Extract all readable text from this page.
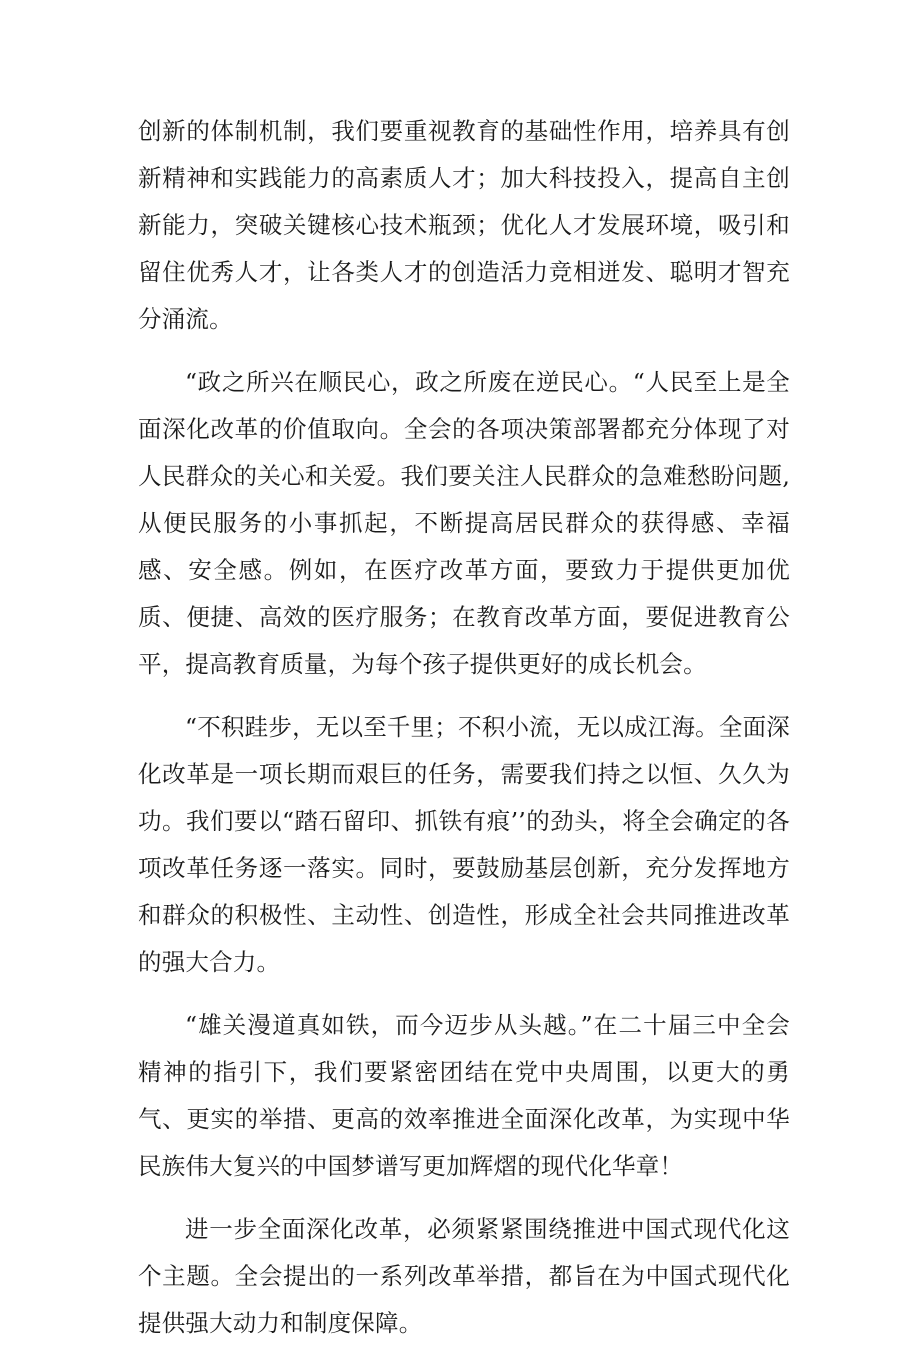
创新的体制机制，我们要重视教育的基础性作用，培养具有创新精神和实践能力的高素质人才；加大科技投入，提高自主创新能力，突破关键核心技术瓶颈；优化人才发展环境，吸引和留住优秀人才，让各类人才的创造活力竞相迸发、聪明才智充分涌流。

“政之所兴在顺民心，政之所废在逆民心。“人民至上是全面深化改革的价值取向。全会的各项决策部署都充分体现了对人民群众的关心和关爱。我们要关注人民群众的急难愁盼问题,从便民服务的小事抓起，不断提高居民群众的获得感、幸福感、安全感。例如，在医疗改革方面，要致力于提供更加优质、便捷、高效的医疗服务；在教育改革方面，要促进教育公平，提高教育质量，为每个孩子提供更好的成长机会。

“不积跬步，无以至千里；不积小流，无以成江海。全面深化改革是一项长期而艰巨的任务，需要我们持之以恒、久久为功。我们要以“踏石留印、抓铁有痕’’的劲头，将全会确定的各项改革任务逐一落实。同时，要鼓励基层创新，充分发挥地方和群众的积极性、主动性、创造性，形成全社会共同推进改革的强大合力。

“雄关漫道真如铁，而今迈步从头越。”在二十届三中全会精神的指引下，我们要紧密团结在党中央周围，以更大的勇气、更实的举措、更高的效率推进全面深化改革，为实现中华民族伟大复兴的中国梦谱写更加辉熠的现代化华章！

进一步全面深化改革，必须紧紧围绕推进中国式现代化这个主题。全会提出的一系列改革举措，都旨在为中国式现代化提供强大动力和制度保障。
